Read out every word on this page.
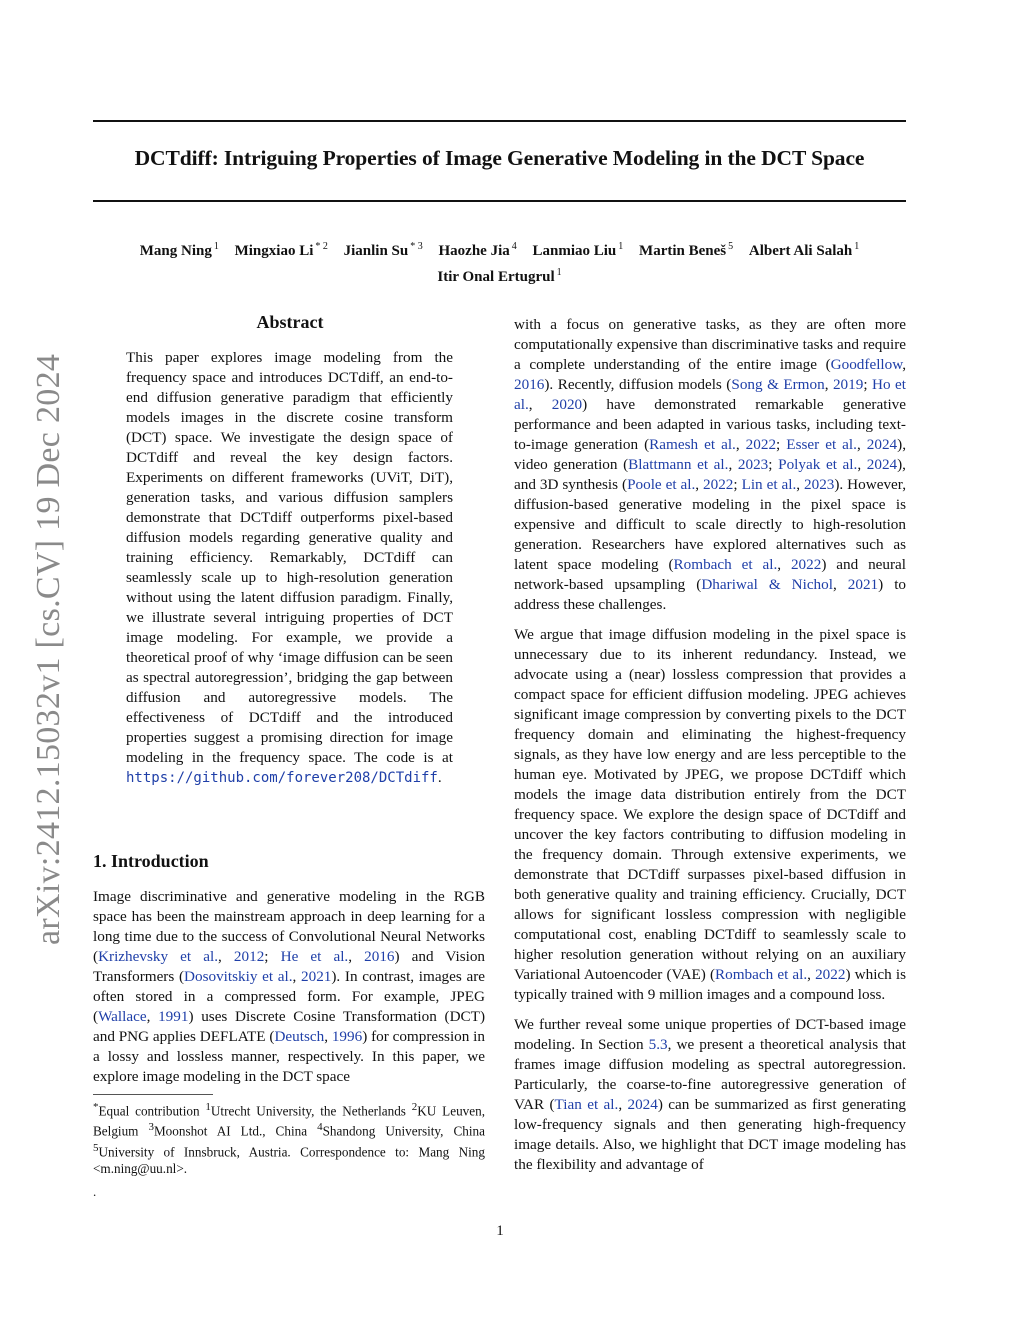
DCTdiff: Intriguing Properties of Image Generative Modeling in the DCT Space
Mang Ning $^1$ Mingxiao Li $^{* 2}$ Jianlin Su $^{* 3}$ Haozhe Jia $^4$ Lanmiao Liu $^1$ Martin Beneš $^5$ Albert Ali Salah $^1$
Itir Onal Ertugrul $^1$
arXiv:2412.15032v1 [cs.CV] 19 Dec 2024
Abstract
This paper explores image modeling from the frequency space and introduces DCTdiff, an end-to-end diffusion generative paradigm that efficiently models images in the discrete cosine transform (DCT) space. We investigate the design space of DCTdiff and reveal the key design factors. Experiments on different frameworks (UViT, DiT), generation tasks, and various diffusion samplers demonstrate that DCTdiff outperforms pixel-based diffusion models regarding generative quality and training efficiency. Remarkably, DCTdiff can seamlessly scale up to high-resolution generation without using the latent diffusion paradigm. Finally, we illustrate several intriguing properties of DCT image modeling. For example, we provide a theoretical proof of why ‘image diffusion can be seen as spectral autoregression’, bridging the gap between diffusion and autoregressive models. The effectiveness of DCTdiff and the introduced properties suggest a promising direction for image modeling in the frequency space. The code is at https://github.com/forever208/DCTdiff.
1. Introduction
Image discriminative and generative modeling in the RGB space has been the mainstream approach in deep learning for a long time due to the success of Convolutional Neural Networks (Krizhevsky et al., 2012; He et al., 2016) and Vision Transformers (Dosovitskiy et al., 2021). In contrast, images are often stored in a compressed form. For example, JPEG (Wallace, 1991) uses Discrete Cosine Transformation (DCT) and PNG applies DEFLATE (Deutsch, 1996) for compression in a lossy and lossless manner, respectively. In this paper, we explore image modeling in the DCT space
*Equal contribution $^1$Utrecht University, the Netherlands $^2$KU Leuven, Belgium $^3$Moonshot AI Ltd., China $^4$Shandong University, China $^5$University of Innsbruck, Austria. Correspondence to: Mang Ning <m.ning@uu.nl>.
.

with a focus on generative tasks, as they are often more computationally expensive than discriminative tasks and require a complete understanding of the entire image (Goodfellow, 2016). Recently, diffusion models (Song & Ermon, 2019; Ho et al., 2020) have demonstrated remarkable generative performance and been adapted in various tasks, including text-to-image generation (Ramesh et al., 2022; Esser et al., 2024), video generation (Blattmann et al., 2023; Polyak et al., 2024), and 3D synthesis (Poole et al., 2022; Lin et al., 2023). However, diffusion-based generative modeling in the pixel space is expensive and difficult to scale directly to high-resolution generation. Researchers have explored alternatives such as latent space modeling (Rombach et al., 2022) and neural network-based upsampling (Dhariwal & Nichol, 2021) to address these challenges.

We argue that image diffusion modeling in the pixel space is unnecessary due to its inherent redundancy. Instead, we advocate using a (near) lossless compression that provides a compact space for efficient diffusion modeling. JPEG achieves significant image compression by converting pixels to the DCT frequency domain and eliminating the highest-frequency signals, as they have low energy and are less perceptible to the human eye. Motivated by JPEG, we propose DCTdiff which models the image data distribution entirely from the DCT frequency space. We explore the design space of DCTdiff and uncover the key factors contributing to diffusion modeling in the frequency domain. Through extensive experiments, we demonstrate that DCTdiff surpasses pixel-based diffusion in both generative quality and training efficiency. Crucially, DCT allows for significant lossless compression with negligible computational cost, enabling DCTdiff to seamlessly scale to higher resolution generation without relying on an auxiliary Variational Autoencoder (VAE) (Rombach et al., 2022) which is typically trained with 9 million images and a compound loss.

We further reveal some unique properties of DCT-based image modeling. In Section 5.3, we present a theoretical analysis that frames image diffusion modeling as spectral autoregression. Particularly, the coarse-to-fine autoregressive generation of VAR (Tian et al., 2024) can be summarized as first generating low-frequency signals and then generating high-frequency image details. Also, we highlight that DCT image modeling has the flexibility and advantage of

1
